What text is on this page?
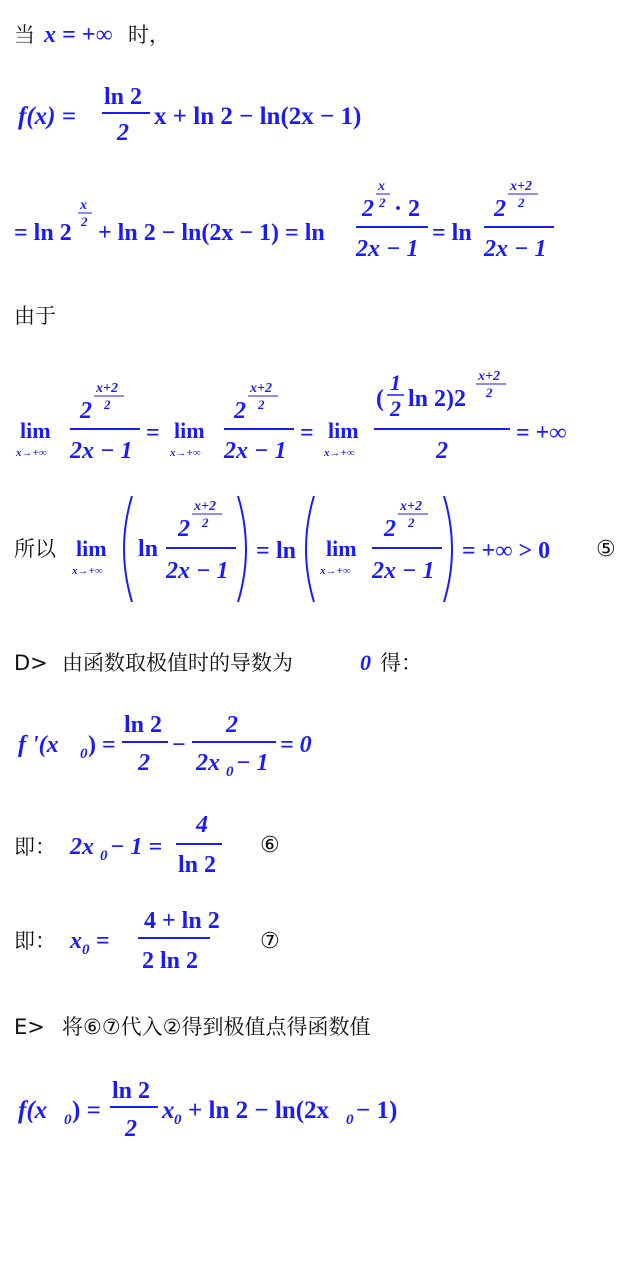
当 x = +∞ 时，
f(x) =
ln 2
2
x + ln 2 − ln(2x − 1)
= ln 2
x
2 + ln 2 − ln(2x − 1) = ln
2
x
2 · 2
2x − 1
= ln
2
x+2
2
2x − 1
由于
lim
x→+∞
2
x+2
2
2x − 1
= lim
x→+∞
2
x+2
2
2x − 1
= lim
x→+∞
(
1
2 ln 2)2
x+2
2
2
= +∞
所以 lim
x→+∞
ln
2
x+2
2
2x − 1
= ln lim
x→+∞
2
x+2
2
2x − 1
= +∞ > 0 ⑤
D> 由函数取极值时的导数为	0 得：
f '(x 0 ) =
ln 2
2
−
2
2x 0 − 1
= 0
即： 2x 0 − 1 =
4
ln 2
⑥
即： x 0 =
4 + ln 2
2 ln 2
⑦
E> 将⑥⑦代入②得到极值点得函数值
f(x 0 ) =
ln 2
2
x 0 + ln 2 − ln(2x 0 − 1)
